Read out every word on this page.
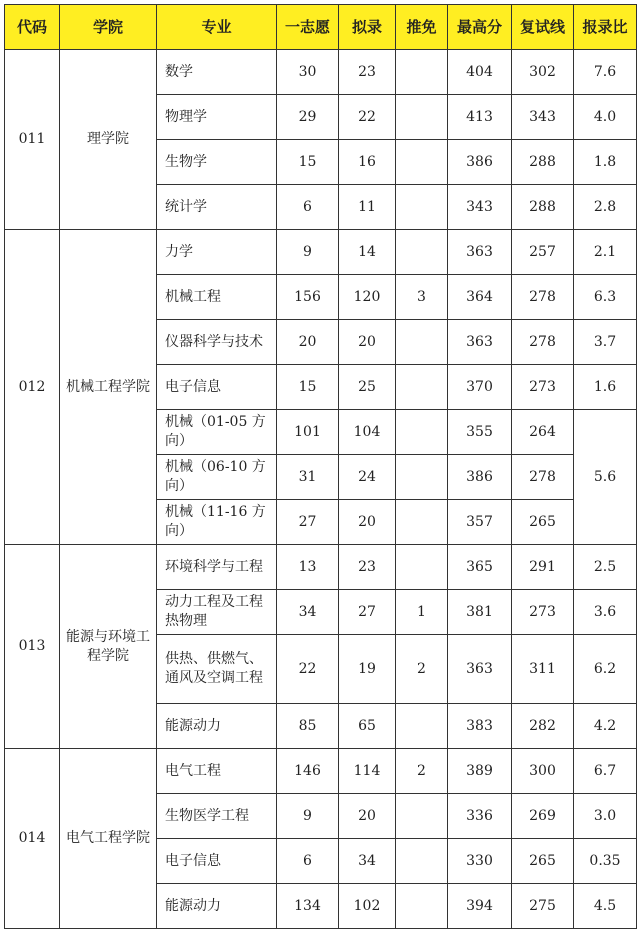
代码	学院	专业	一志愿	拟录	推免	最高分	复试线	报录比
011	理学院	数学	30	23		404	302	7.6
		物理学	29	22		413	343	4.0
		生物学	15	16		386	288	1.8
		统计学	6	11		343	288	2.8
012	机械工程学院	力学	9	14		363	257	2.1
		机械工程	156	120	3	364	278	6.3
		仪器科学与技术	20	20		363	278	3.7
		电子信息	15	25		370	273	1.6
		机械（01-05 方向）	101	104		355	264	5.6
		机械（06-10 方向）	31	24		386	278	
		机械（11-16 方向）	27	20		357	265	
013	能源与环境工程学院	环境科学与工程	13	23		365	291	2.5
		动力工程及工程热物理	34	27	1	381	273	3.6
		供热、供燃气、通风及空调工程	22	19	2	363	311	6.2
		能源动力	85	65		383	282	4.2
014	电气工程学院	电气工程	146	114	2	389	300	6.7
		生物医学工程	9	20		336	269	3.0
		电子信息	6	34		330	265	0.35
		能源动力	134	102		394	275	4.5
